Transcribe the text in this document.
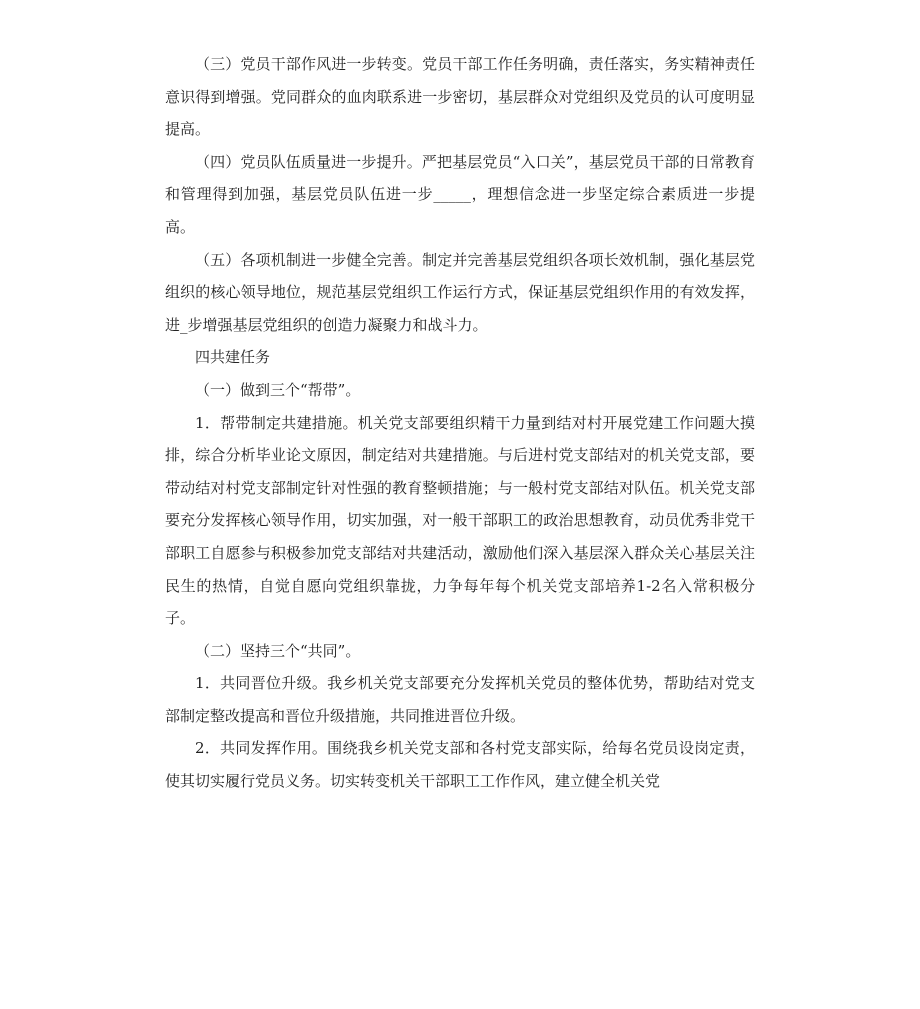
（三）党员干部作风进一步转变。党员干部工作任务明确，责任落实，务实精神责任意识得到增强。党同群众的血肉联系进一步密切，基层群众对党组织及党员的认可度明显提高。

（四）党员队伍质量进一步提升。严把基层党员“入口关”，基层党员干部的日常教育和管理得到加强，基层党员队伍进一步_____，理想信念进一步坚定综合素质进一步提高。

（五）各项机制进一步健全完善。制定并完善基层党组织各项长效机制，强化基层党组织的核心领导地位，规范基层党组织工作运行方式，保证基层党组织作用的有效发挥，进_步增强基层党组织的创造力凝聚力和战斗力。

四共建任务

（一）做到三个“帮带”。

1．帮带制定共建措施。机关党支部要组织精干力量到结对村开展党建工作问题大摸排，综合分析毕业论文原因，制定结对共建措施。与后进村党支部结对的机关党支部，要带动结对村党支部制定针对性强的教育整顿措施；与一般村党支部结对队伍。机关党支部要充分发挥核心领导作用，切实加强，对一般干部职工的政治思想教育，动员优秀非党干部职工自愿参与积极参加党支部结对共建活动，激励他们深入基层深入群众关心基层关注民生的热情，自觉自愿向党组织靠拢，力争每年每个机关党支部培养1-2名入常积极分子。

（二）坚持三个“共同”。

1．共同晋位升级。我乡机关党支部要充分发挥机关党员的整体优势，帮助结对党支部制定整改提高和晋位升级措施，共同推进晋位升级。

2．共同发挥作用。围绕我乡机关党支部和各村党支部实际，给每名党员设岗定责，使其切实履行党员义务。切实转变机关干部职工工作作风，建立健全机关党
